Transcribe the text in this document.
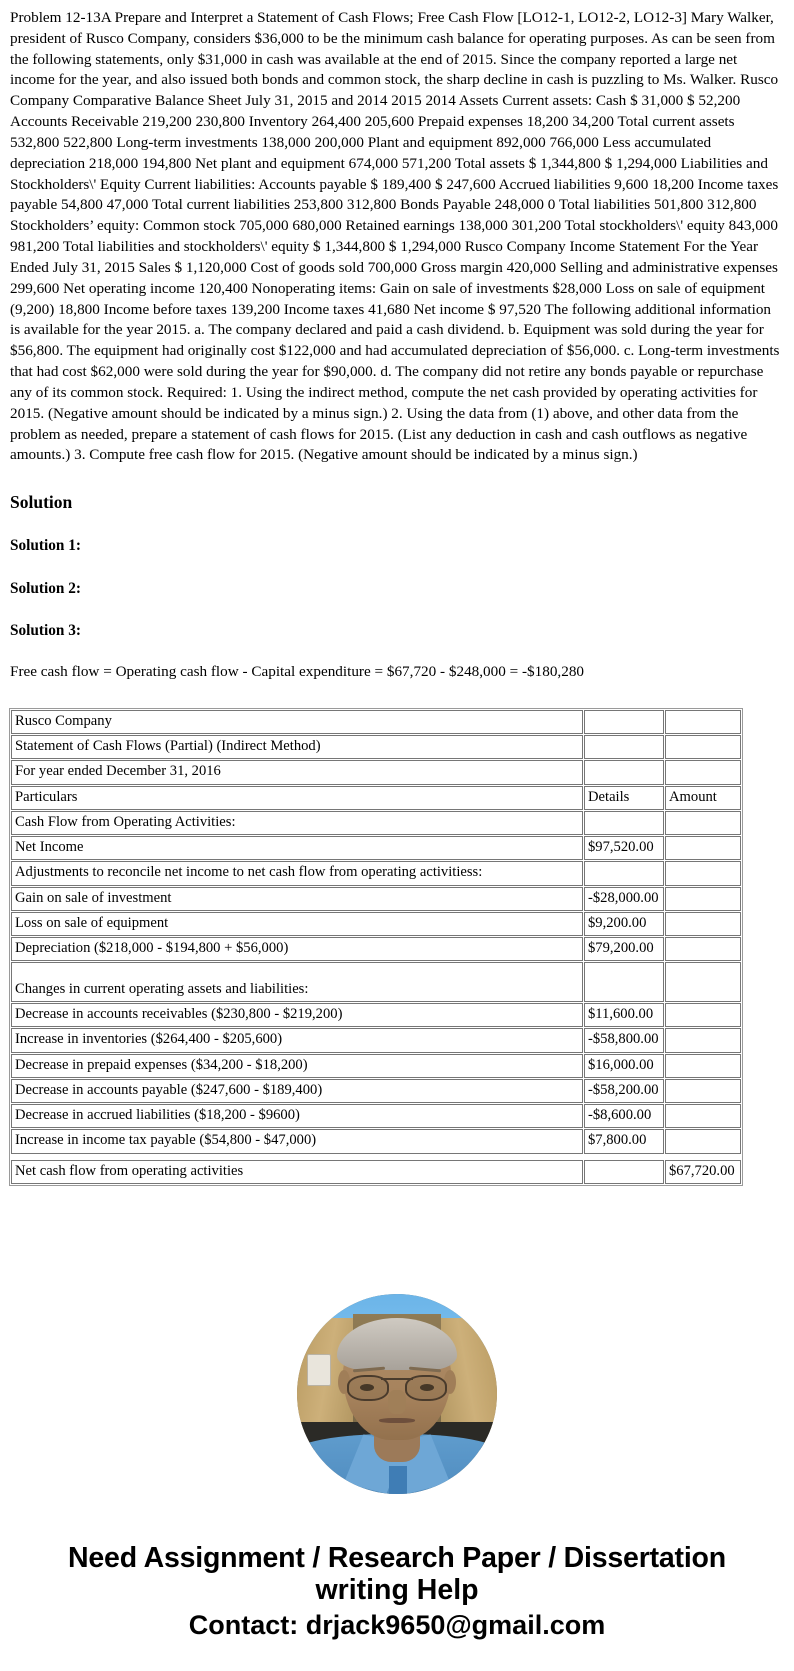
Problem 12-13A Prepare and Interpret a Statement of Cash Flows; Free Cash Flow [LO12-1, LO12-2, LO12-3] Mary Walker, president of Rusco Company, considers $36,000 to be the minimum cash balance for operating purposes. As can be seen from the following statements, only $31,000 in cash was available at the end of 2015. Since the company reported a large net income for the year, and also issued both bonds and common stock, the sharp decline in cash is puzzling to Ms. Walker. Rusco Company Comparative Balance Sheet July 31, 2015 and 2014 2015 2014 Assets Current assets: Cash $ 31,000 $ 52,200 Accounts Receivable 219,200 230,800 Inventory 264,400 205,600 Prepaid expenses 18,200 34,200 Total current assets 532,800 522,800 Long-term investments 138,000 200,000 Plant and equipment 892,000 766,000 Less accumulated depreciation 218,000 194,800 Net plant and equipment 674,000 571,200 Total assets $ 1,344,800 $ 1,294,000 Liabilities and Stockholders\' Equity Current liabilities: Accounts payable $ 189,400 $ 247,600 Accrued liabilities 9,600 18,200 Income taxes payable 54,800 47,000 Total current liabilities 253,800 312,800 Bonds Payable 248,000 0 Total liabilities 501,800 312,800 Stockholders’ equity: Common stock 705,000 680,000 Retained earnings 138,000 301,200 Total stockholders\' equity 843,000 981,200 Total liabilities and stockholders\' equity $ 1,344,800 $ 1,294,000 Rusco Company Income Statement For the Year Ended July 31, 2015 Sales $ 1,120,000 Cost of goods sold 700,000 Gross margin 420,000 Selling and administrative expenses 299,600 Net operating income 120,400 Nonoperating items: Gain on sale of investments $28,000 Loss on sale of equipment (9,200) 18,800 Income before taxes 139,200 Income taxes 41,680 Net income $ 97,520 The following additional information is available for the year 2015. a. The company declared and paid a cash dividend. b. Equipment was sold during the year for $56,800. The equipment had originally cost $122,000 and had accumulated depreciation of $56,000. c. Long-term investments that had cost $62,000 were sold during the year for $90,000. d. The company did not retire any bonds payable or repurchase any of its common stock. Required: 1. Using the indirect method, compute the net cash provided by operating activities for 2015. (Negative amount should be indicated by a minus sign.) 2. Using the data from (1) above, and other data from the problem as needed, prepare a statement of cash flows for 2015. (List any deduction in cash and cash outflows as negative amounts.) 3. Compute free cash flow for 2015. (Negative amount should be indicated by a minus sign.)

Solution
Solution 1:
Solution 2:
Solution 3:

Free cash flow = Operating cash flow - Capital expenditure = $67,720 - $248,000 = -$180,280

Rusco Company		
Statement of Cash Flows (Partial) (Indirect Method)		
For year ended December 31, 2016		
Particulars	Details	Amount
Cash Flow from Operating Activities:		
Net Income	$97,520.00	
Adjustments to reconcile net income to net cash flow from operating activitiess:		
Gain on sale of investment	-$28,000.00	
Loss on sale of equipment	$9,200.00	
Depreciation ($218,000 - $194,800 + $56,000)	$79,200.00	
Changes in current operating assets and liabilities:		
Decrease in accounts receivables ($230,800 - $219,200)	$11,600.00	
Increase in inventories ($264,400 - $205,600)	-$58,800.00	
Decrease in prepaid expenses ($34,200 - $18,200)	$16,000.00	
Decrease in accounts payable ($247,600 - $189,400)	-$58,200.00	
Decrease in accrued liabilities ($18,200 - $9600)	-$8,600.00	
Increase in income tax payable ($54,800 - $47,000)	$7,800.00	

Net cash flow from operating activities		$67,720.00
Need Assignment / Research Paper / Dissertation
writing Help
Contact: drjack9650@gmail.com
